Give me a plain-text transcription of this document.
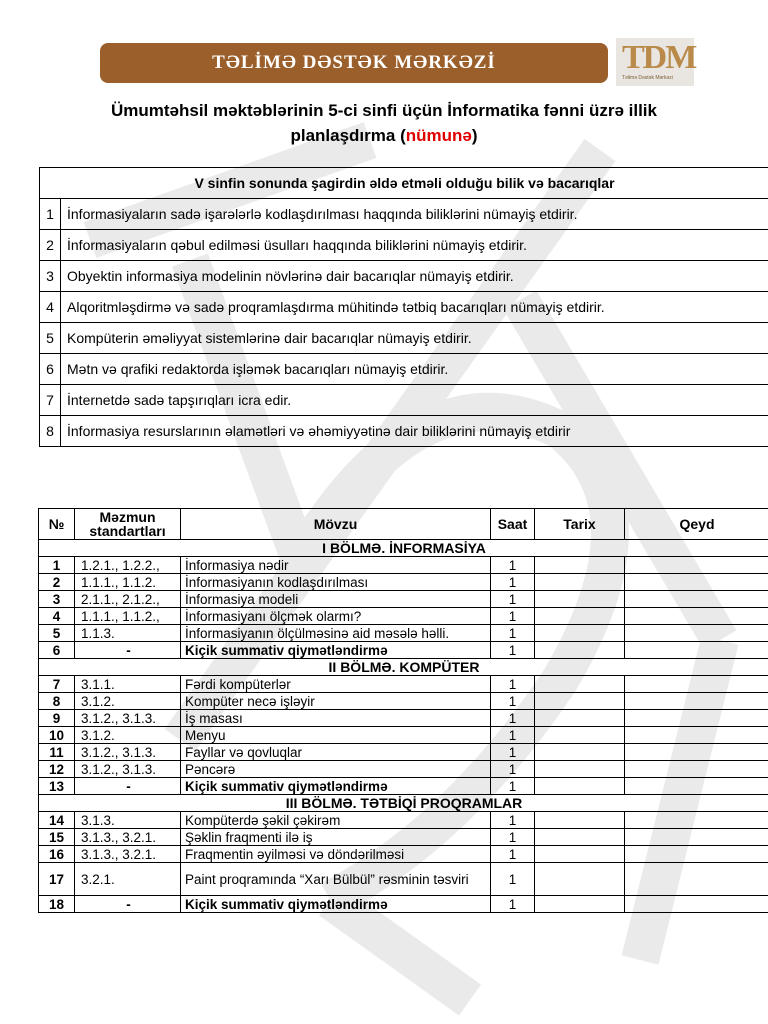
TƏLİMƏ DƏSTƏK MƏRKƏZİ	TDM
Təlimə Dəstək Mərkəzi
Ümumtəhsil məktəblərinin 5-ci sinfi üçün İnformatika fənni üzrə illik
planlaşdırma (nümunə)
V sinfin sonunda şagirdin əldə etməli olduğu bilik və bacarıqlar	
1	İnformasiyaların sadə işarələrlə kodlaşdırılması haqqında biliklərini nümayiş etdirir.
2	İnformasiyaların qəbul edilməsi üsulları haqqında biliklərini nümayiş etdirir.
3	Obyektin informasiya modelinin növlərinə dair bacarıqlar nümayiş etdirir.
4	Alqoritmləşdirmə və sadə proqramlaşdırma mühitində tətbiq bacarıqları nümayiş etdirir.
5	Kompüterin əməliyyat sistemlərinə dair bacarıqlar nümayiş etdirir.
6	Mətn və qrafiki redaktorda işləmək bacarıqları nümayiş etdirir.
7	İnternetdə sadə tapşırıqları icra edir.
8	İnformasiya resurslarının əlamətləri və əhəmiyyətinə dair biliklərini nümayiş etdirir
№	Məzmun standartları	Mövzu	Saat	Tarix	Qeyd
I BÖLMƏ. İNFORMASİYA					
1	1.2.1., 1.2.2.,	İnformasiya nədir	1		
2	1.1.1., 1.1.2.	İnformasiyanın kodlaşdırılması	1		
3	2.1.1., 2.1.2.,	İnformasiya modeli	1		
4	1.1.1., 1.1.2.,	İnformasiyanı ölçmək olarmı?	1		
5	1.1.3.	İnformasiyanın ölçülməsinə aid məsələ həlli.	1		
6	-	Kiçik summativ qiymətləndirmə	1		
II BÖLMƏ. KOMPÜTER					
7	3.1.1.	Fərdi kompüterlər	1		
8	3.1.2.	Kompüter necə işləyir	1		
9	3.1.2., 3.1.3.	İş masası	1		
10	3.1.2.	Menyu	1		
11	3.1.2., 3.1.3.	Fayllar və qovluqlar	1		
12	3.1.2., 3.1.3.	Pəncərə	1		
13	-	Kiçik summativ qiymətləndirmə	1		
III BÖLMƏ. TƏTBİQİ PROQRAMLAR					
14	3.1.3.	Kompüterdə şəkil çəkirəm	1		
15	3.1.3., 3.2.1.	Şəklin fraqmenti ilə iş	1		
16	3.1.3., 3.2.1.	Fraqmentin əyilməsi və döndərilməsi	1		
17	3.2.1.	Paint proqramında “Xarı Bülbül” rəsminin təsviri	1		
18	-	Kiçik summativ qiymətləndirmə	1		
